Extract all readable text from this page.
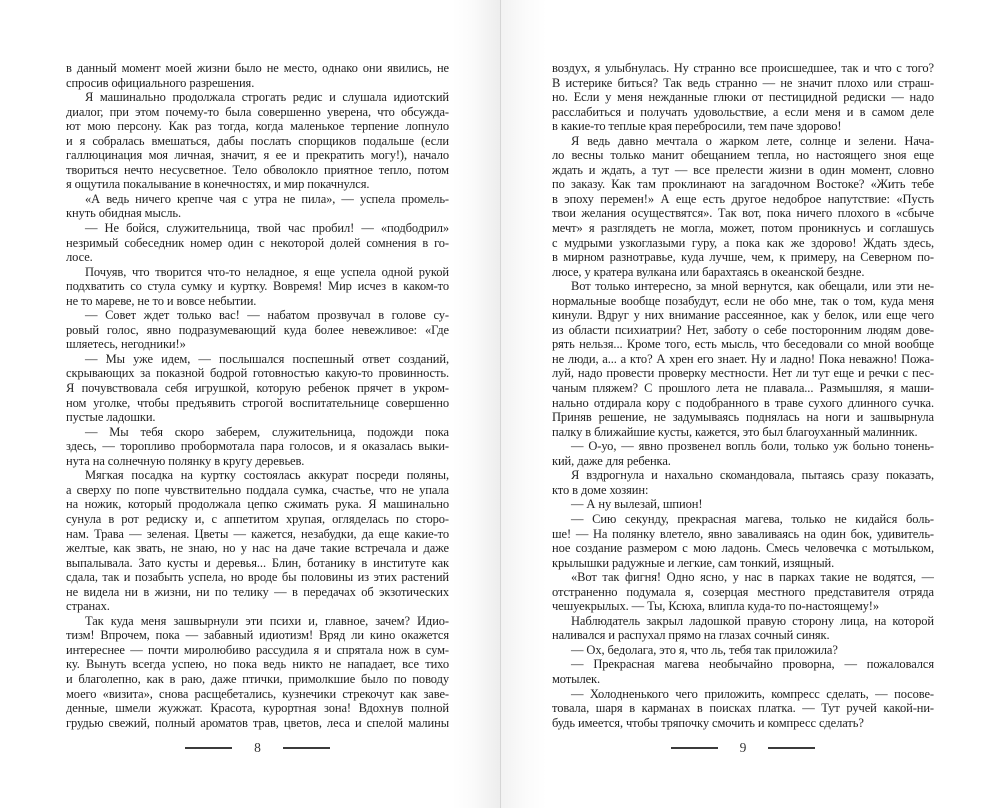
в данный момент моей жизни было не место, однако они явились, не
спросив официального разрешения.
Я машинально продолжала строгать редис и слушала идиотский
диалог, при этом почему-то была совершенно уверена, что обсужда-
ют мою персону. Как раз тогда, когда маленькое терпение лопнуло
и я собралась вмешаться, дабы послать спорщиков подальше (если
галлюцинация моя личная, значит, я ее и прекратить могу!), начало
твориться нечто несусветное. Тело обволокло приятное тепло, потом
я ощутила покалывание в конечностях, и мир покачнулся.
«А ведь ничего крепче чая с утра не пила», — успела промель-
кнуть обидная мысль.
— Не бойся, служительница, твой час пробил! — «подбодрил»
незримый собеседник номер один с некоторой долей сомнения в го-
лосе.
Почуяв, что творится что-то неладное, я еще успела одной рукой
подхватить со стула сумку и куртку. Вовремя! Мир исчез в каком-то
не то мареве, не то и вовсе небытии.
— Совет ждет только вас! — набатом прозвучал в голове су-
ровый голос, явно подразумевающий куда более невежливое: «Где
шляетесь, негодники!»
— Мы уже идем, — послышался поспешный ответ созданий,
скрывающих за показной бодрой готовностью какую-то провинность.
Я почувствовала себя игрушкой, которую ребенок прячет в укром-
ном уголке, чтобы предъявить строгой воспитательнице совершенно
пустые ладошки.
— Мы тебя скоро заберем, служительница, подожди пока
здесь, — торопливо пробормотала пара голосов, и я оказалась выки-
нута на солнечную полянку в кругу деревьев.
Мягкая посадка на куртку состоялась аккурат посреди поляны,
а сверху по попе чувствительно поддала сумка, счастье, что не упала
на ножик, который продолжала цепко сжимать рука. Я машинально
сунула в рот редиску и, с аппетитом хрупая, огляделась по сторо-
нам. Трава — зеленая. Цветы — кажется, незабудки, да еще какие-то
желтые, как звать, не знаю, но у нас на даче такие встречала и даже
выпалывала. Зато кусты и деревья... Блин, ботанику в институте как
сдала, так и позабыть успела, но вроде бы половины из этих растений
не видела ни в жизни, ни по телику — в передачах об экзотических
странах.
Так куда меня зашвырнули эти психи и, главное, зачем? Идио-
тизм! Впрочем, пока — забавный идиотизм! Вряд ли кино окажется
интереснее — почти миролюбиво рассудила я и спрятала нож в сум-
ку. Вынуть всегда успею, но пока ведь никто не нападает, все тихо
и благолепно, как в раю, даже птички, примолкшие было по поводу
моего «визита», снова расщебетались, кузнечики стрекочут как заве-
денные, шмели жужжат. Красота, курортная зона! Вдохнув полной
грудью свежий, полный ароматов трав, цветов, леса и спелой малины
8
воздух, я улыбнулась. Ну странно все происшедшее, так и что с того?
В истерике биться? Так ведь странно — не значит плохо или страш-
но. Если у меня нежданные глюки от пестицидной редиски — надо
расслабиться и получать удовольствие, а если меня и в самом деле
в какие-то теплые края перебросили, тем паче здорово!
Я ведь давно мечтала о жарком лете, солнце и зелени. Нача-
ло весны только манит обещанием тепла, но настоящего зноя еще
ждать и ждать, а тут — все прелести жизни в один момент, словно
по заказу. Как там проклинают на загадочном Востоке? «Жить тебе
в эпоху перемен!» А еще есть другое недоброе напутствие: «Пусть
твои желания осуществятся». Так вот, пока ничего плохого в «сбыче
мечт» я разглядеть не могла, может, потом проникнусь и соглашусь
с мудрыми узкоглазыми гуру, а пока как же здорово! Ждать здесь,
в мирном разнотравье, куда лучше, чем, к примеру, на Северном по-
люсе, у кратера вулкана или барахтаясь в океанской бездне.
Вот только интересно, за мной вернутся, как обещали, или эти не-
нормальные вообще позабудут, если не обо мне, так о том, куда меня
кинули. Вдруг у них внимание рассеянное, как у белок, или еще чего
из области психиатрии? Нет, заботу о себе посторонним людям дове-
рять нельзя... Кроме того, есть мысль, что беседовали со мной вообще
не люди, а... а кто? А хрен его знает. Ну и ладно! Пока неважно! Пожа-
луй, надо провести проверку местности. Нет ли тут еще и речки с пес-
чаным пляжем? С прошлого лета не плавала... Размышляя, я маши-
нально отдирала кору с подобранного в траве сухого длинного сучка.
Приняв решение, не задумываясь поднялась на ноги и зашвырнула
палку в ближайшие кусты, кажется, это был благоуханный малинник.
— О-уо, — явно прозвенел вопль боли, только уж больно тонень-
кий, даже для ребенка.
Я вздрогнула и нахально скомандовала, пытаясь сразу показать,
кто в доме хозяин:
— А ну вылезай, шпион!
— Сию секунду, прекрасная магева, только не кидайся боль-
ше! — На полянку влетело, явно заваливаясь на один бок, удивитель-
ное создание размером с мою ладонь. Смесь человечка с мотыльком,
крылышки радужные и легкие, сам тонкий, изящный.
«Вот так фигня! Одно ясно, у нас в парках такие не водятся, —
отстраненно подумала я, созерцая местного представителя отряда
чешуекрылых. — Ты, Ксюха, влипла куда-то по-настоящему!»
Наблюдатель закрыл ладошкой правую сторону лица, на которой
наливался и распухал прямо на глазах сочный синяк.
— Ох, бедолага, это я, что ль, тебя так приложила?
— Прекрасная магева необычайно проворна, — пожаловался
мотылек.
— Холодненького чего приложить, компресс сделать, — посове-
товала, шаря в карманах в поисках платка. — Тут ручей какой-ни-
будь имеется, чтобы тряпочку смочить и компресс сделать?
9
